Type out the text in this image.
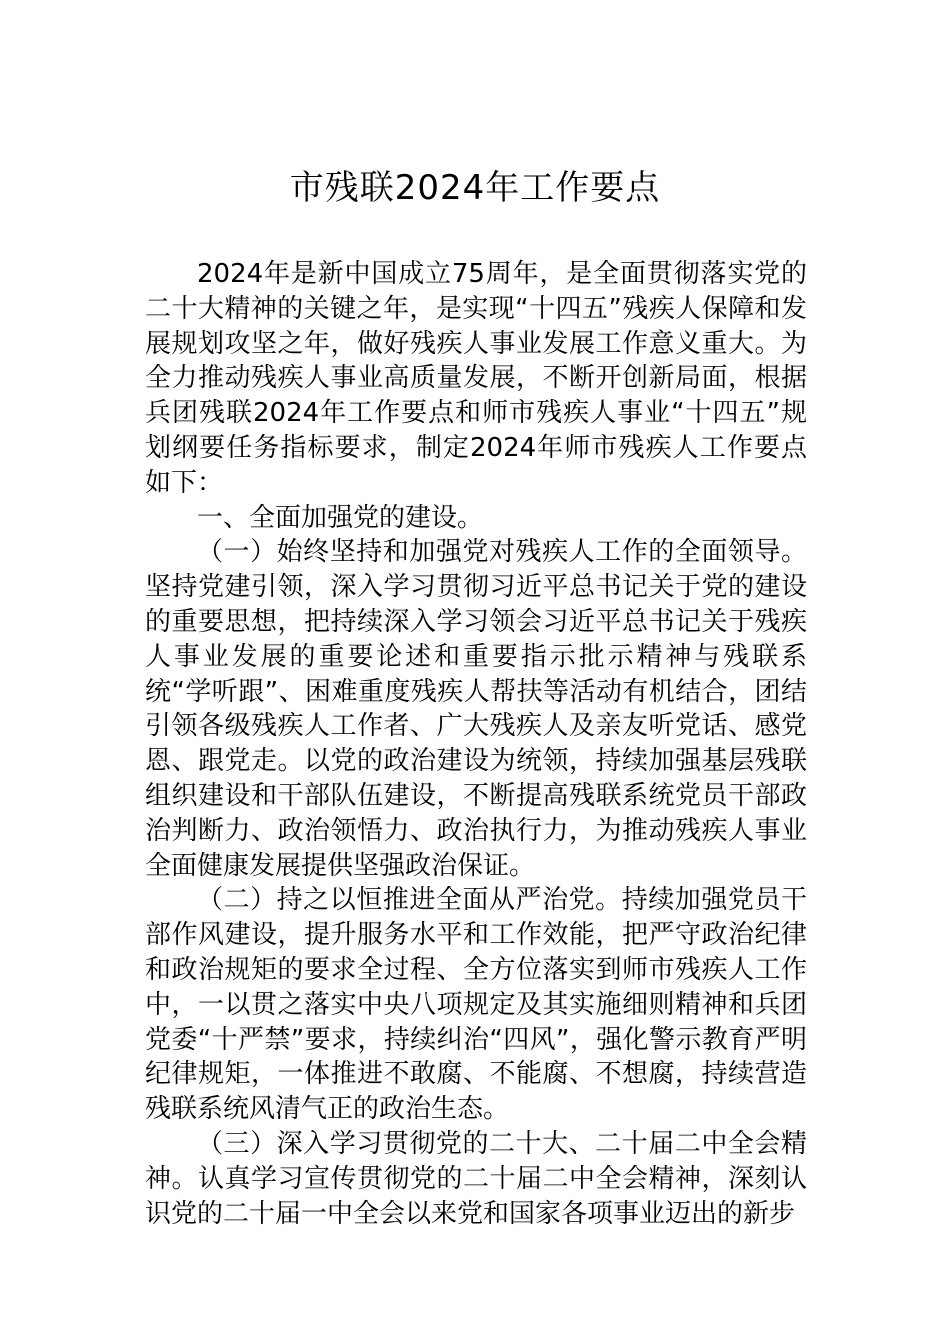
市残联2024年工作要点

2024年是新中国成立75周年，是全面贯彻落实党的二十大精神的关键之年，是实现“十四五”残疾人保障和发展规划攻坚之年，做好残疾人事业发展工作意义重大。为全力推动残疾人事业高质量发展，不断开创新局面，根据兵团残联2024年工作要点和师市残疾人事业“十四五”规划纲要任务指标要求，制定2024年师市残疾人工作要点如下：

一、全面加强党的建设。

（一）始终坚持和加强党对残疾人工作的全面领导。坚持党建引领，深入学习贯彻习近平总书记关于党的建设的重要思想，把持续深入学习领会习近平总书记关于残疾人事业发展的重要论述和重要指示批示精神与残联系统“学听跟”、困难重度残疾人帮扶等活动有机结合，团结引领各级残疾人工作者、广大残疾人及亲友听党话、感党恩、跟党走。以党的政治建设为统领，持续加强基层残联组织建设和干部队伍建设，不断提高残联系统党员干部政治判断力、政治领悟力、政治执行力，为推动残疾人事业全面健康发展提供坚强政治保证。

（二）持之以恒推进全面从严治党。持续加强党员干部作风建设，提升服务水平和工作效能，把严守政治纪律和政治规矩的要求全过程、全方位落实到师市残疾人工作中，一以贯之落实中央八项规定及其实施细则精神和兵团党委“十严禁”要求，持续纠治“四风”，强化警示教育严明纪律规矩，一体推进不敢腐、不能腐、不想腐，持续营造残联系统风清气正的政治生态。

（三）深入学习贯彻党的二十大、二十届二中全会精神。认真学习宣传贯彻党的二十届二中全会精神，深刻认识党的二十届一中全会以来党和国家各项事业迈出的新步
